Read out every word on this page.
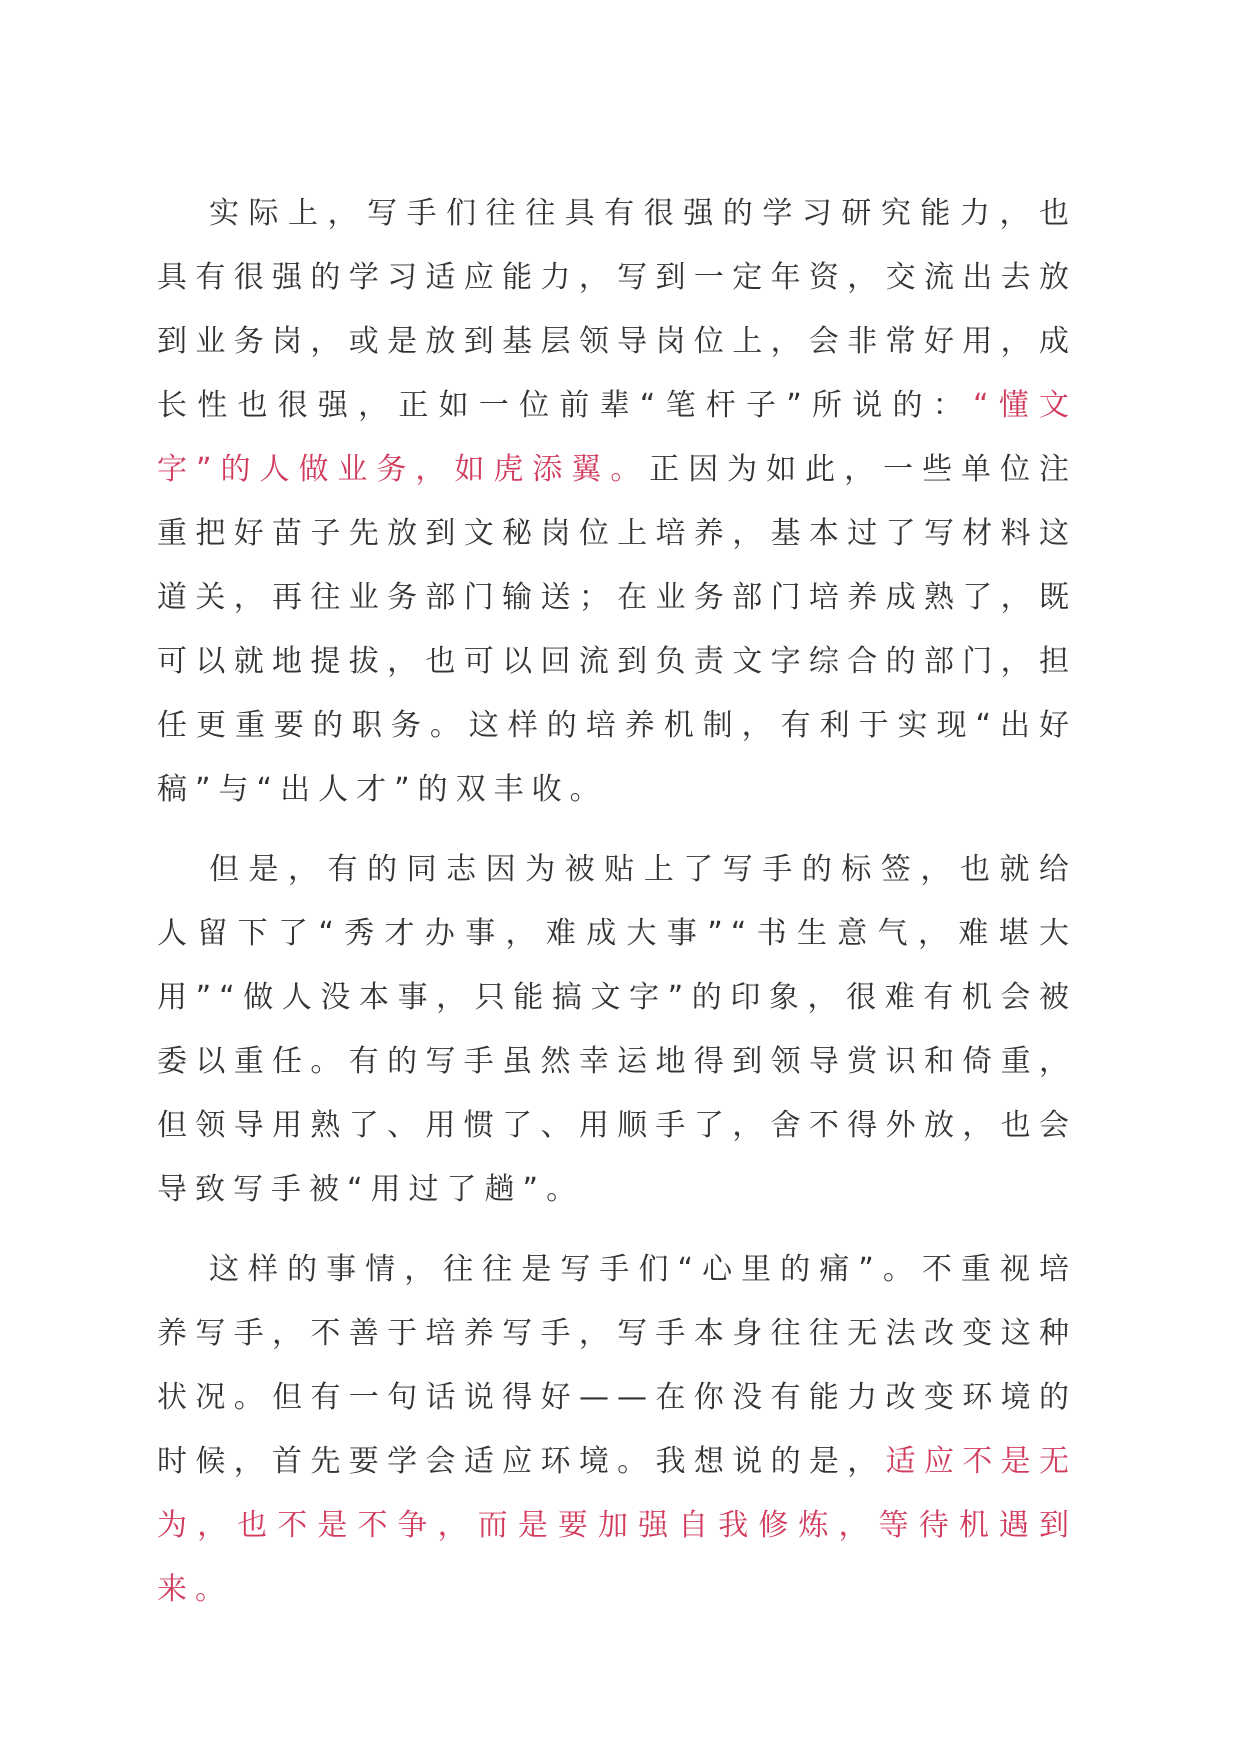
实际上，写手们往往具有很强的学习研究能力，也具有很强的学习适应能力，写到一定年资，交流出去放到业务岗，或是放到基层领导岗位上，会非常好用，成长性也很强，正如一位前辈“笔杆子”所说的：“懂文字”的人做业务，如虎添翼。正因为如此，一些单位注重把好苗子先放到文秘岗位上培养，基本过了写材料这道关，再往业务部门输送；在业务部门培养成熟了，既可以就地提拔，也可以回流到负责文字综合的部门，担任更重要的职务。这样的培养机制，有利于实现“出好稿”与“出人才”的双丰收。

但是，有的同志因为被贴上了写手的标签，也就给人留下了“秀才办事，难成大事”“书生意气，难堪大用”“做人没本事，只能搞文字”的印象，很难有机会被委以重任。有的写手虽然幸运地得到领导赏识和倚重，但领导用熟了、用惯了、用顺手了，舍不得外放，也会导致写手被“用过了趟”。

这样的事情，往往是写手们“心里的痛”。不重视培养写手，不善于培养写手，写手本身往往无法改变这种状况。但有一句话说得好——在你没有能力改变环境的时候，首先要学会适应环境。我想说的是，适应不是无为，也不是不争，而是要加强自我修炼，等待机遇到来。
